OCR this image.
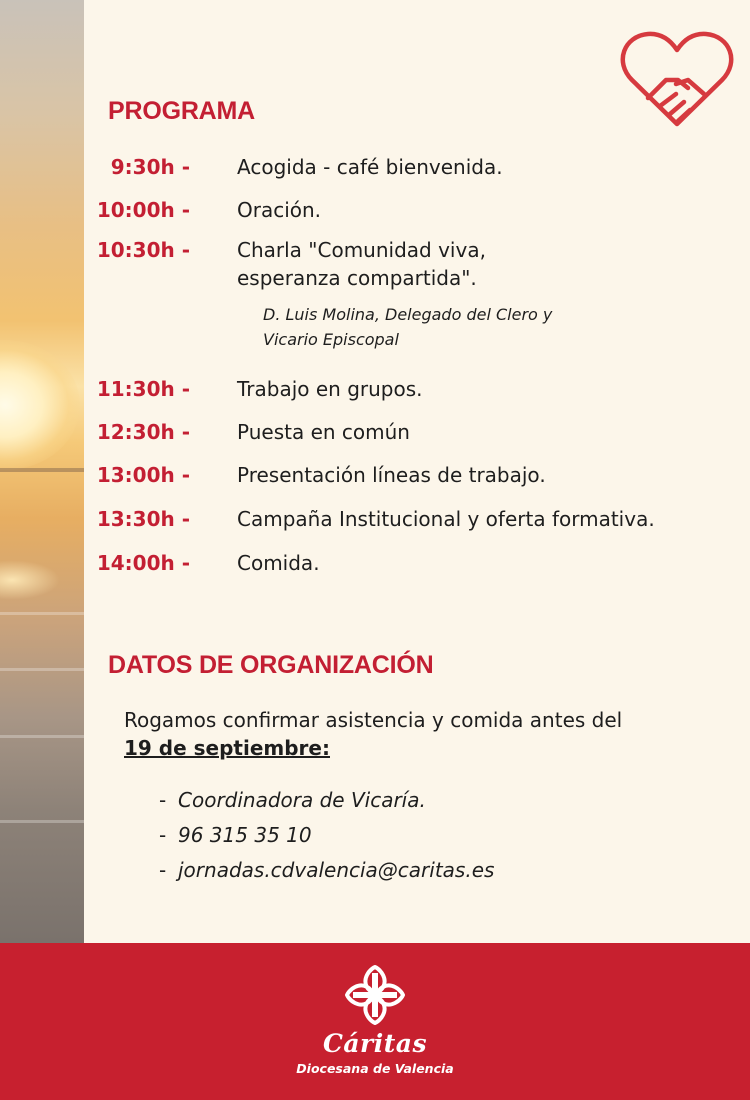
PROGRAMA
9:30h - Acogida - café bienvenida.
10:00h - Oración.
10:30h - Charla "Comunidad viva,
esperanza compartida".
D. Luis Molina, Delegado del Clero y
Vicario Episcopal
11:30h - Trabajo en grupos.
12:30h - Puesta en común
13:00h - Presentación líneas de trabajo.
13:30h - Campaña Institucional y oferta formativa.
14:00h - Comida.
DATOS DE ORGANIZACIÓN
Rogamos confirmar asistencia y comida antes del
19 de septiembre:
- Coordinadora de Vicaría.
- 96 315 35 10
- jornadas.cdvalencia@caritas.es
Cáritas
Diocesana de Valencia
